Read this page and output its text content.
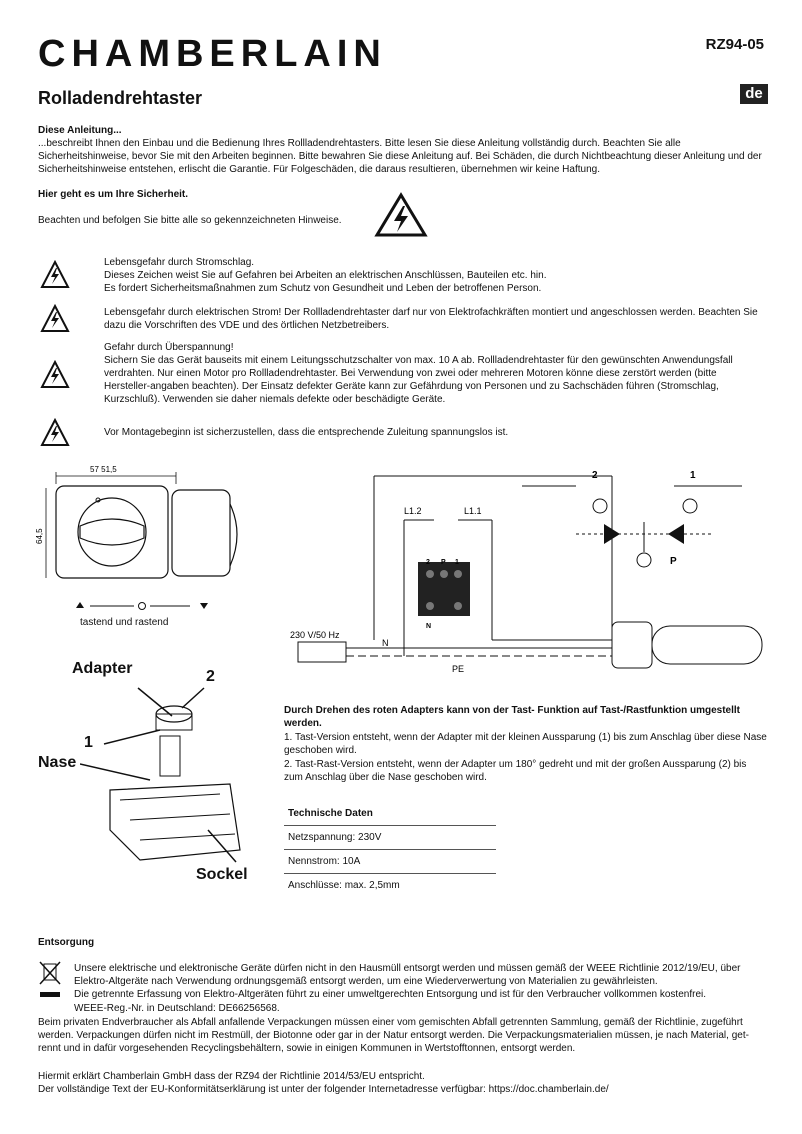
CHAMBERLAIN	RZ94-05
Rolladendrehtaster	de
Diese Anleitung...
...beschreibt Ihnen den Einbau und die Bedienung Ihres Rollladendrehtasters. Bitte lesen Sie diese Anleitung vollständig durch. Beachten Sie alle Sicherheitshinweise, bevor Sie mit den Arbeiten beginnen. Bitte bewahren Sie diese Anleitung auf. Bei Schäden, die durch Nichtbeachtung dieser Anleitung und der Sicherheitshinweise entstehen, erlischt die Garantie. Für Folgeschäden, die daraus resultieren, übernehmen wir keine Haftung.
Hier geht es um Ihre Sicherheit.
Beachten und befolgen Sie bitte alle so gekennzeichneten Hinweise.
Lebensgefahr durch Stromschlag.
Dieses Zeichen weist Sie auf Gefahren bei Arbeiten an elektrischen Anschlüssen, Bauteilen etc. hin.
Es fordert Sicherheitsmaßnahmen zum Schutz von Gesundheit und Leben der betroffenen Person.
Lebensgefahr durch elektrischen Strom! Der Rollladendrehtaster darf nur von Elektrofachkräften montiert und angeschlossen werden. Beachten Sie dazu die Vorschriften des VDE und des örtlichen Netzbetreibers.
Gefahr durch Überspannung!
Sichern Sie das Gerät bauseits mit einem Leitungsschutzschalter von max. 10 A ab. Rollladendrehtaster für den gewünschten Anwendungsfall verdrahten. Nur einen Motor pro Rollladendrehtaster. Bei Verwendung von zwei oder mehreren Motoren könne diese zerstört werden (bitte Hersteller-angaben beachten). Der Einsatz defekter Geräte kann zur Gefährdung von Personen und zu Sachschäden führen (Stromschlag, Kurzschluß). Verwenden sie daher niemals defekte oder beschädigte Geräte.
Vor Montagebeginn ist sicherzustellen, dass die entsprechende Zuleitung spannungslos ist.
57 51,5
64,5
tastend und rastend
L1.2	L1.1
2 P 1
N
230 V/50 Hz
N
PE
2	1
P
Adapter	2
1
Nase
Sockel
Durch Drehen des roten Adapters kann von der Tast- Funktion auf Tast-/Rastfunktion umgestellt werden.
1. Tast-Version entsteht, wenn der Adapter mit der kleinen Aussparung (1) bis zum Anschlag über diese Nase geschoben wird.
2. Tast-Rast-Version entsteht, wenn der Adapter um 180° gedreht und mit der großen Aussparung (2) bis zum Anschlag über die Nase geschoben wird.
Technische Daten
Netzspannung: 230V
Nennstrom: 10A
Anschlüsse: max. 2,5mm
Entsorgung
Unsere elektrische und elektronische Geräte dürfen nicht in den Hausmüll entsorgt werden und müssen gemäß der WEEE Richtlinie 2012/19/EU, über Elektro-Altgeräte nach Verwendung ordnungsgemäß entsorgt werden, um eine Wiederverwertung von Materialien zu gewährleisten.
Die getrennte Erfassung von Elektro-Altgeräten führt zu einer umweltgerechten Entsorgung und ist für den Verbraucher vollkommen kostenfrei.
WEEE-Reg.-Nr. in Deutschland: DE66256568.
Beim privaten Endverbraucher als Abfall anfallende Verpackungen müssen einer vom gemischten Abfall getrennten Sammlung, gemäß der Richtlinie, zugeführt werden. Verpackungen dürfen nicht im Restmüll, der Biotonne oder gar in der Natur entsorgt werden. Die Verpackungsmaterialien müssen, je nach Material, get-rennt und in dafür vorgesehenden Recyclingsbehältern, sowie in einigen Kommunen in Wertstofftonnen, entsorgt werden.
Hiermit erklärt Chamberlain GmbH dass der RZ94 der Richtlinie 2014/53/EU entspricht.
Der vollständige Text der EU-Konformitätserklärung ist unter der folgender Internetadresse verfügbar: https://doc.chamberlain.de/
